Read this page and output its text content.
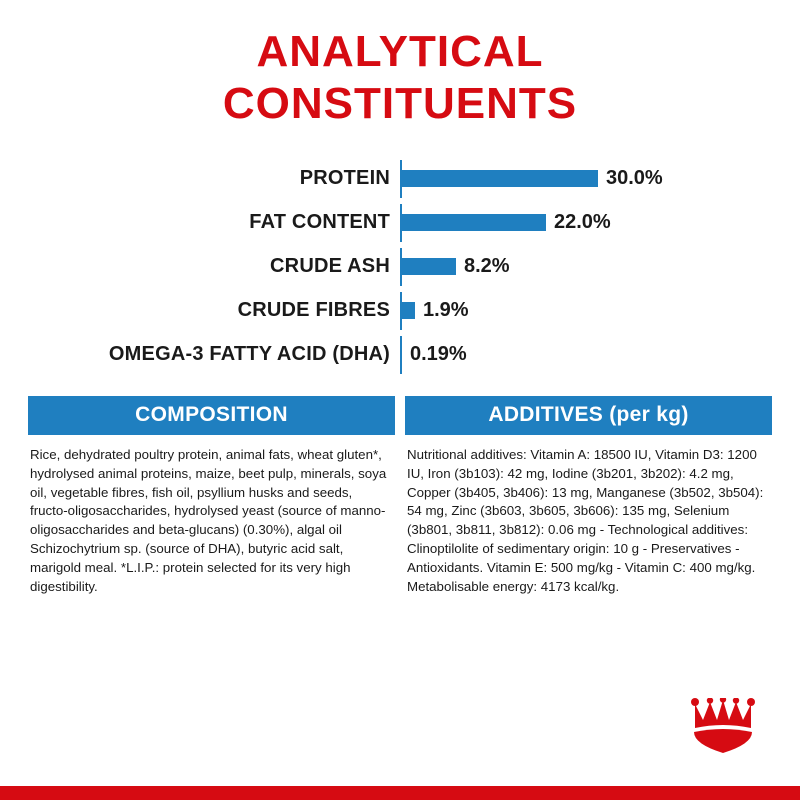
ANALYTICAL
CONSTITUENTS
PROTEIN	30.0%
FAT CONTENT	22.0%
CRUDE ASH	8.2%
CRUDE FIBRES	1.9%
OMEGA-3 FATTY ACID (DHA)	0.19%
COMPOSITION
Rice, dehydrated poultry protein, animal fats, wheat gluten*, hydrolysed animal proteins, maize, beet pulp, minerals, soya oil, vegetable fibres, fish oil, psyllium husks and seeds, fructo-oligosaccharides, hydrolysed yeast (source of manno-oligosaccharides and beta-glucans) (0.30%), algal oil Schizochytrium sp. (source of DHA), butyric acid salt, marigold meal. *L.I.P.: protein selected for its very high digestibility.
ADDITIVES (per kg)
Nutritional additives: Vitamin A: 18500 IU, Vitamin D3: 1200 IU, Iron (3b103): 42 mg, Iodine (3b201, 3b202): 4.2 mg, Copper (3b405, 3b406): 13 mg, Manganese (3b502, 3b504): 54 mg, Zinc (3b603, 3b605, 3b606): 135 mg, Selenium (3b801, 3b811, 3b812): 0.06 mg - Technological additives: Clinoptilolite of sedimentary origin: 10 g - Preservatives - Antioxidants. Vitamin E: 500 mg/kg - Vitamin C: 400 mg/kg. Metabolisable energy: 4173 kcal/kg.
